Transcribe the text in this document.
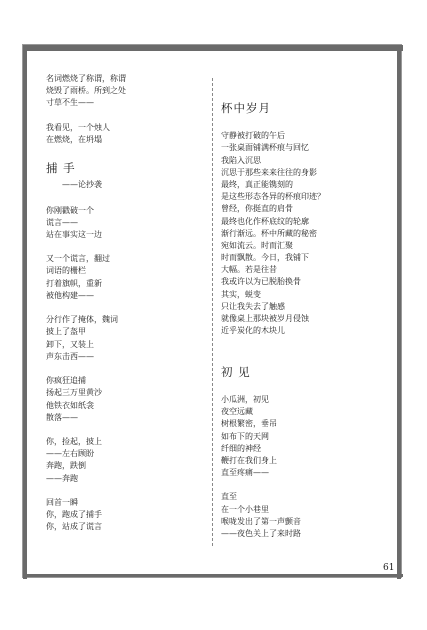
名词燃烧了称谓，称谓
烧毁了雨桥。所到之处
寸草不生——
我看见，一个烛人
在燃烧，在坍塌
捕 手
——论抄袭
你刚戳破一个
谎言——
站在事实这一边
又一个谎言，翻过
词语的栅栏
打着旗帜，重新
被他构建——
分行作了掩体，魏词
披上了盔甲
卸下，又装上
声东击西——
你疯狂追捕
扬起三万里黄沙
他铁衣如纸衾
散落——
你，捡起，披上
——左右顾盼
奔跑，跌倒
——奔跑
回首一瞬
你，跑成了捕手
你，站成了谎言
杯中岁月
守静被打破的午后
一张桌面铺满杯痕与回忆
我陷入沉思
沉思于那些来来往往的身影
最终，真正能镌刻的
是这些形态各异的杯痕印迹？
曾经，你挺直的肩骨
最终也化作杯底纹的轮廓
渐行渐远。杯中所藏的秘密
宛如流云。时而汇聚
时而飘散。今日，我铺下
大幅。若是往昔
我或许以为已脱胎换骨
其实，蜕变
只让我失去了触感
就像桌上那块被岁月侵蚀
近乎炭化的木块儿
初 见
小瓜洲，初见
夜空远藏
树根繁密，垂吊
如布下的天网
纤细的神经
鞭打在我们身上
直至疼痛——
直至
在一个小巷里
喉咙发出了第一声颤音
——夜色关上了来时路
61
